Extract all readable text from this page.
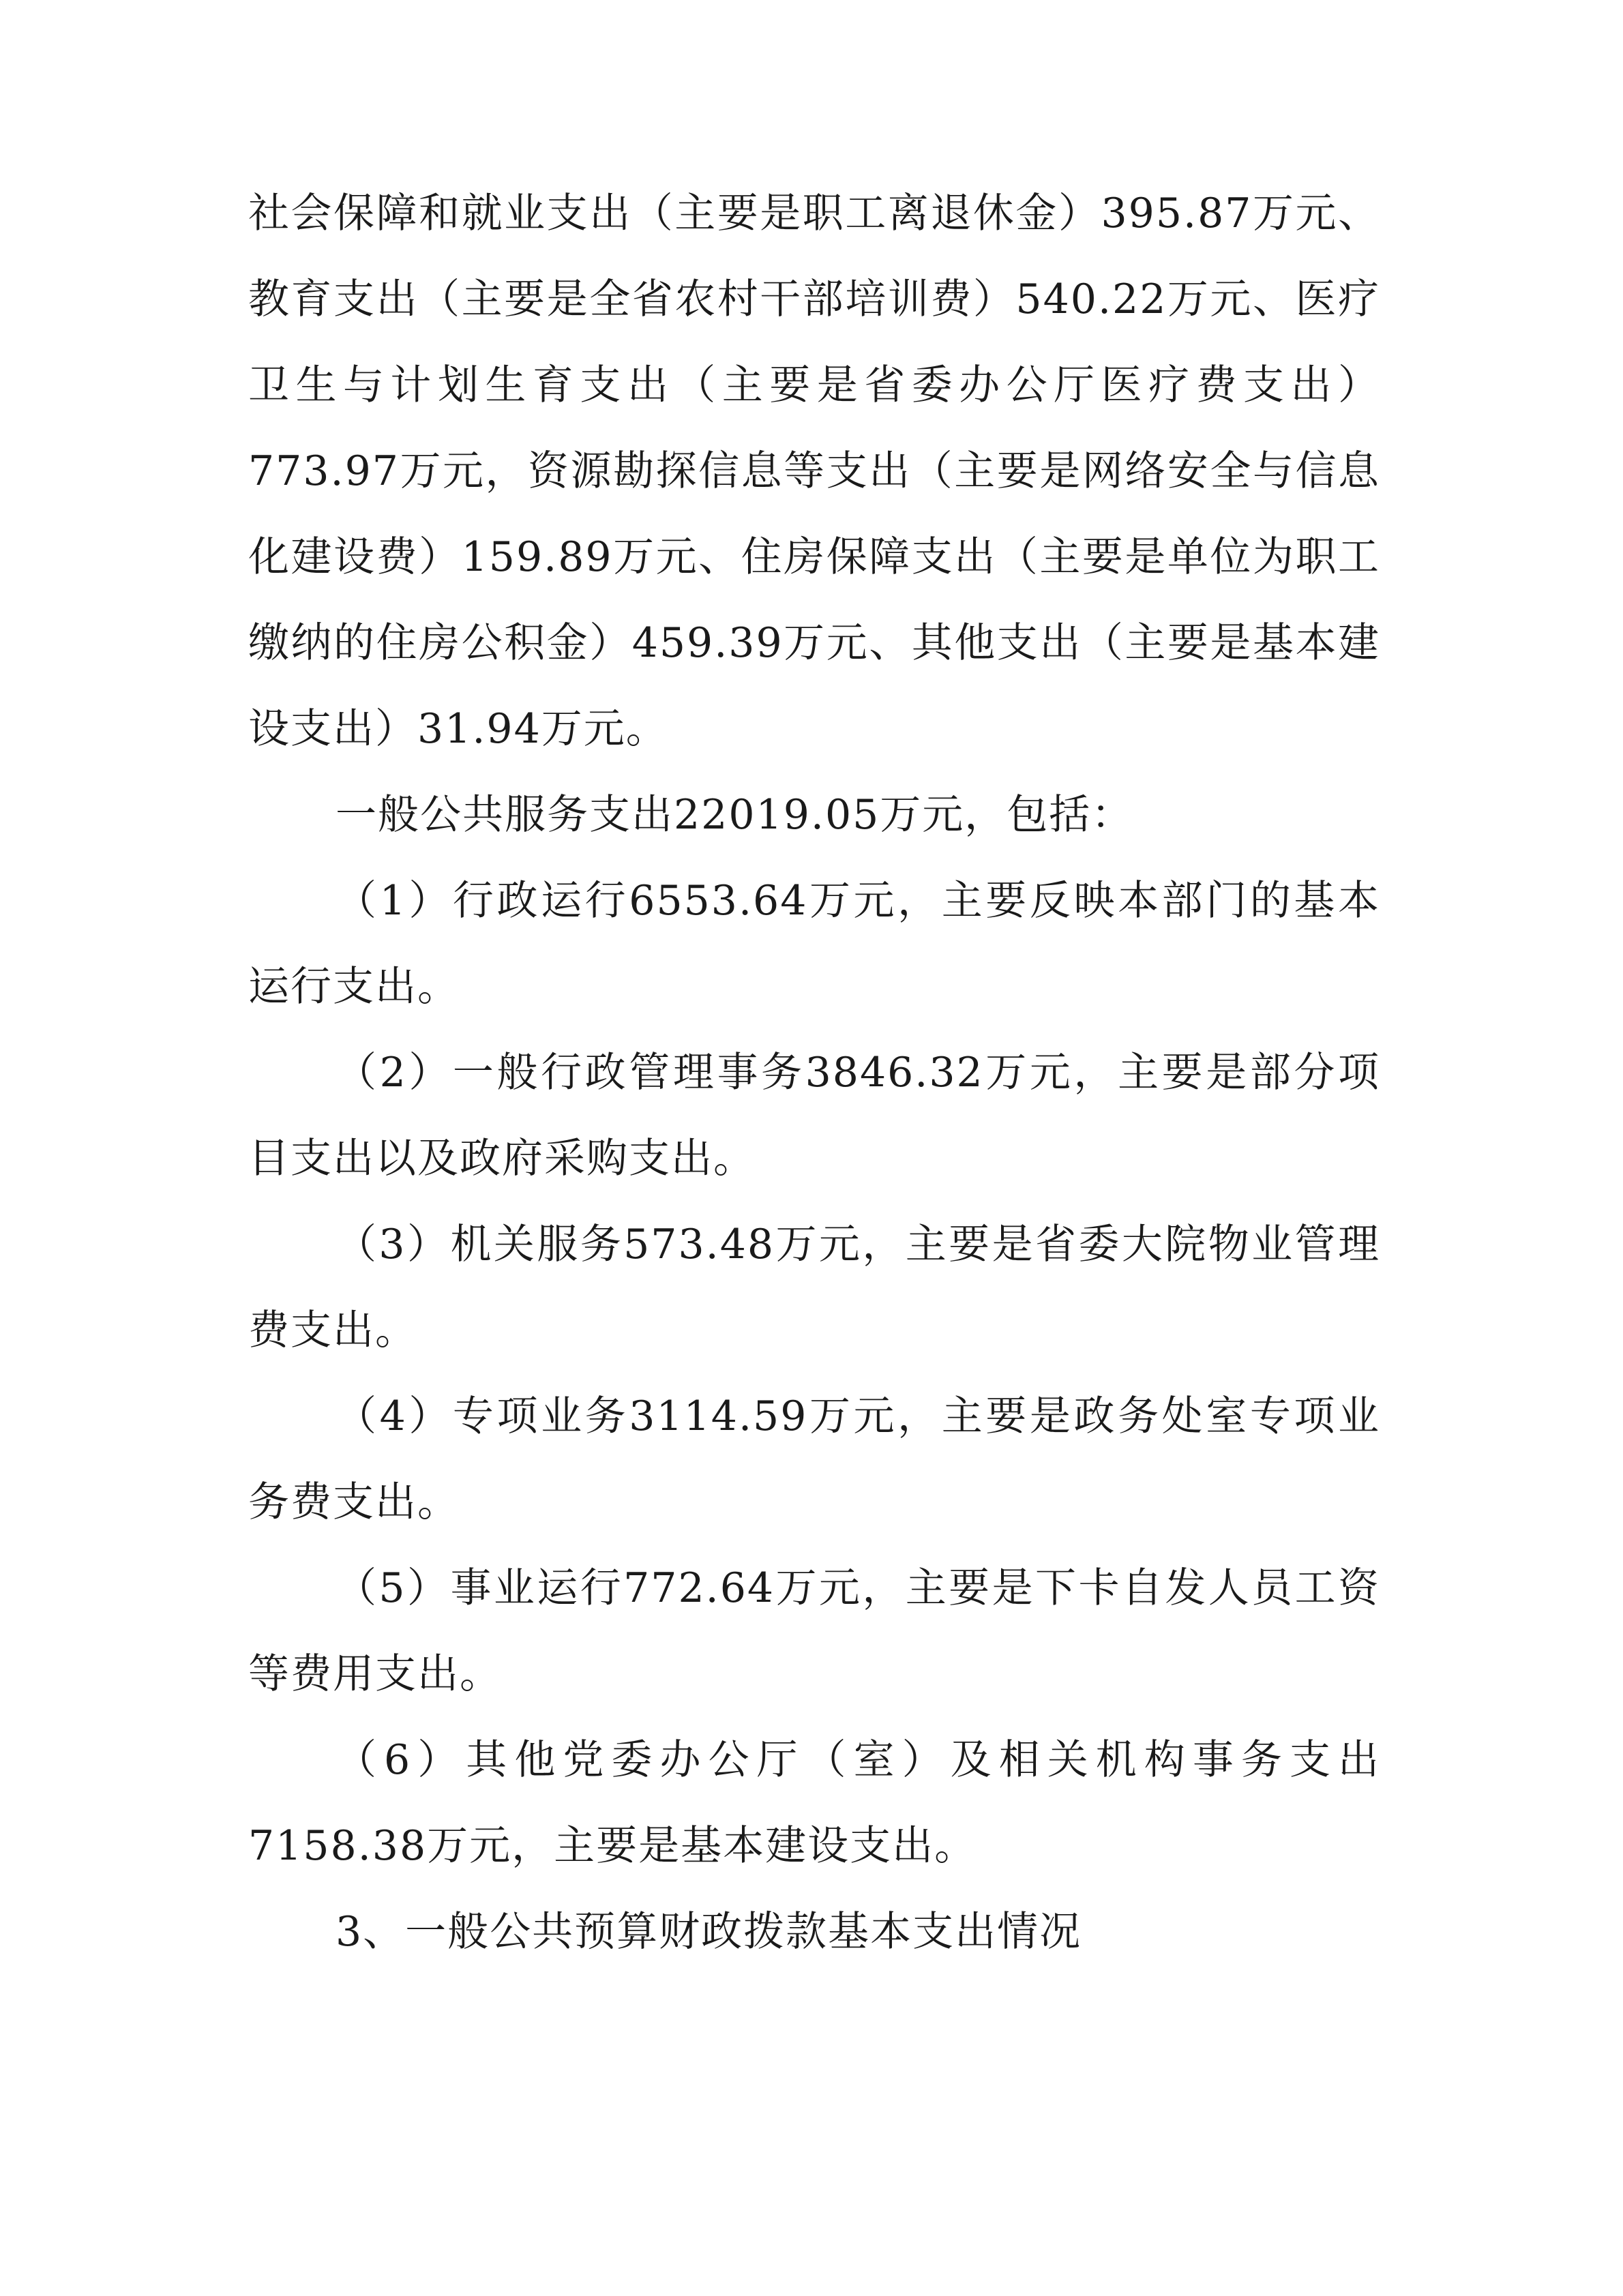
社会保障和就业支出（主要是职工离退休金）395.87万元、教育支出（主要是全省农村干部培训费）540.22万元、医疗卫生与计划生育支出（主要是省委办公厅医疗费支出）773.97万元，资源勘探信息等支出（主要是网络安全与信息化建设费）159.89万元、住房保障支出（主要是单位为职工缴纳的住房公积金）459.39万元、其他支出（主要是基本建设支出）31.94万元。

一般公共服务支出22019.05万元，包括：

（1）行政运行6553.64万元，主要反映本部门的基本运行支出。

（2）一般行政管理事务3846.32万元，主要是部分项目支出以及政府采购支出。

（3）机关服务573.48万元，主要是省委大院物业管理费支出。

（4）专项业务3114.59万元，主要是政务处室专项业务费支出。

（5）事业运行772.64万元，主要是下卡自发人员工资等费用支出。

（6）其他党委办公厅（室）及相关机构事务支出7158.38万元，主要是基本建设支出。

3、一般公共预算财政拨款基本支出情况
